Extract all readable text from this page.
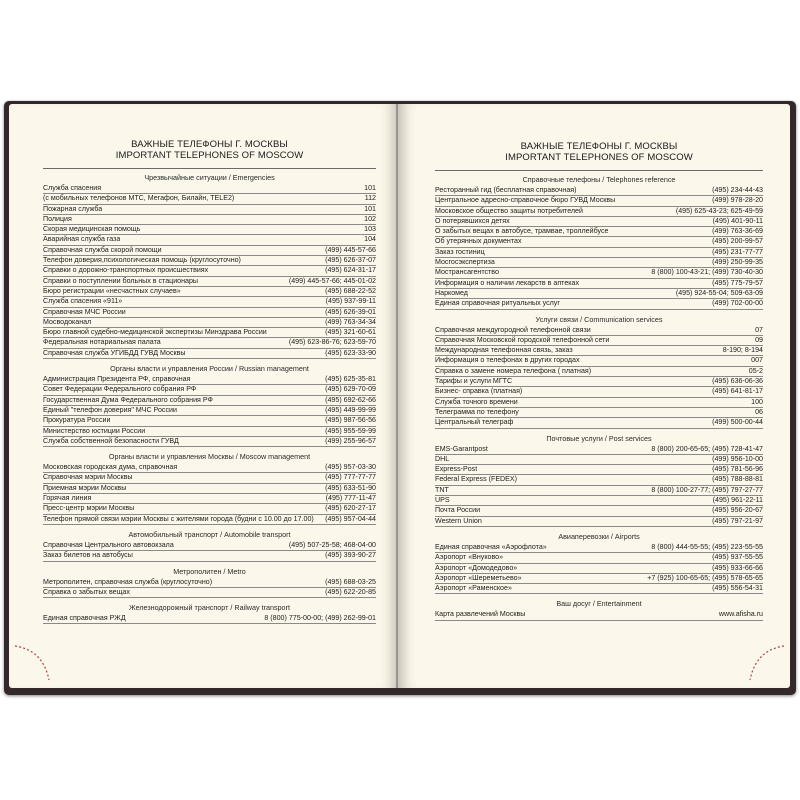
ВАЖНЫЕ ТЕЛЕФОНЫ Г. МОСКВЫ
IMPORTANT TELEPHONES OF MOSCOW
Чрезвычайные ситуации / Emergencies
Служба спасения	101
(с мобильных телефонов МТС, Мегафон, Билайн, TELE2)	112
Пожарная служба	101
Полиция	102
Скорая медицинская помощь	103
Аварийная служба газа	104
Справочная служба скорой помощи	(499) 445-57-66
Телефон доверия,психологическая помощь (круглосуточно)	(495) 626-37-07
Справки о дорожно-транспортных происшествиях	(495) 624-31-17
Справки о поступлении больных в стационары	(499) 445-57-66; 445-01-02
Бюро регистрации «несчастных случаев»	(495) 688-22-52
Служба спасения «911»	(495) 937-99-11
Справочная МЧС России	(495) 626-39-01
Мосводоканал	(499) 763-34-34
Бюро главной судебно-медицинской экспертизы Минздрава России	(495) 321-60-61
Федеральная нотариальная палата	(495) 623-86-76; 623-59-70
Справочная служба УГИБДД ГУВД Москвы	(495) 623-33-90
Органы власти и управления России / Russian management
Администрация Президента РФ, справочная	(495) 625-35-81
Совет Федерации Федерального собрания РФ	(495) 629-70-09
Государственная Дума Федерального собрания РФ	(495) 692-62-66
Единый "телефон доверия" МЧС России	(495) 449-99-99
Прокуратура России	(495) 987-56-56
Министерство юстиции России	(495) 955-59-99
Служба собственной безопасности ГУВД	(499) 255-96-57
Органы власти и управления Москвы / Moscow management
Московская городская дума, справочная	(495) 957-03-30
Справочная мэрии Москвы	(495) 777-77-77
Приемная мэрии Москвы	(495) 633-51-90
Горячая линия	(495) 777-11-47
Пресс-центр мэрии Москвы	(495) 620-27-17
Телефон прямой связи мэрии Москвы с жителями города (будни с 10.00 до 17.00) (495) 957-04-44
Автомобильный транспорт / Automobile transport
Справочная Центрального автовокзала	(495) 507-25-58; 468-04-00
Заказ билетов на автобусы	(495) 393-90-27
Метрополитен / Metro
Метрополитен, справочная служба (круглосуточно)	(495) 688-03-25
Справка о забытых вещах	(495) 622-20-85
Железнодорожный транспорт / Railway transport
Единая справочная РЖД	8 (800) 775-00-00; (499) 262-99-01
ВАЖНЫЕ ТЕЛЕФОНЫ Г. МОСКВЫ
IMPORTANT TELEPHONES OF MOSCOW
Справочные телефоны / Telephones reference
Ресторанный гид (бесплатная справочная)	(495) 234-44-43
Центральное адресно-справочное бюро ГУВД Москвы	(499) 978-28-20
Московское общество защиты потребителей	(495) 625-43-23; 625-49-59
О потерявшихся детях	(495) 401-90-11
О забытых вещах в автобусе, трамвае, троллейбусе	(499) 763-36-69
Об утерянных документах	(495) 200-99-57
Заказ гостиниц	(495) 231-77-77
Мосгосэкспертиза	(499) 250-99-35
Мострансагентство	8 (800) 100-43-21; (499) 730-40-30
Информация о наличии лекарств в аптеках	(495) 775-79-57
Наркомед	(495) 924-55-04; 509-63-09
Единая справочная ритуальных услуг	(499) 702-00-00
Услуги связи / Communication services
Справочная междугородной телефонной связи	07
Справочная Московской городской телефонной сети	09
Международная телефонная связь, заказ	8-190; 8-194
Информация о телефонах в других городах	007
Справка о замене номера телефона ( платная)	05-2
Тарифы и услуги МГТС	(495) 636-06-36
Бизнес- справка (платная)	(495) 641-81-17
Служба точного времени	100
Телеграмма по телефону	06
Центральный телеграф	(499) 500-00-44
Почтовые услуги / Post services
EMS-Garantpost	8 (800) 200-65-65; (495) 728-41-47
DHL	(499) 956-10-00
Express-Post	(495) 781-56-96
Federal Express (FEDEX)	(495) 788-88-81
TNT	8 (800) 100-27-77; (495) 797-27-77
UPS	(495) 961-22-11
Почта России	(495) 956-20-67
Western Union	(495) 797-21-97
Авиаперевозки / Airports
Единая справочная «Аэрофлота»	8 (800) 444-55-55; (495) 223-55-55
Аэропорт «Внуково»	(495) 937-55-55
Аэропорт «Домодедово»	(495) 933-66-66
Аэропорт «Шереметьево»	+7 (925) 100-65-65; (495) 578-65-65
Аэропорт «Раменское»	(495) 556-54-31
Ваш досуг / Entertainment
Карта развлечений Москвы	www.afisha.ru
